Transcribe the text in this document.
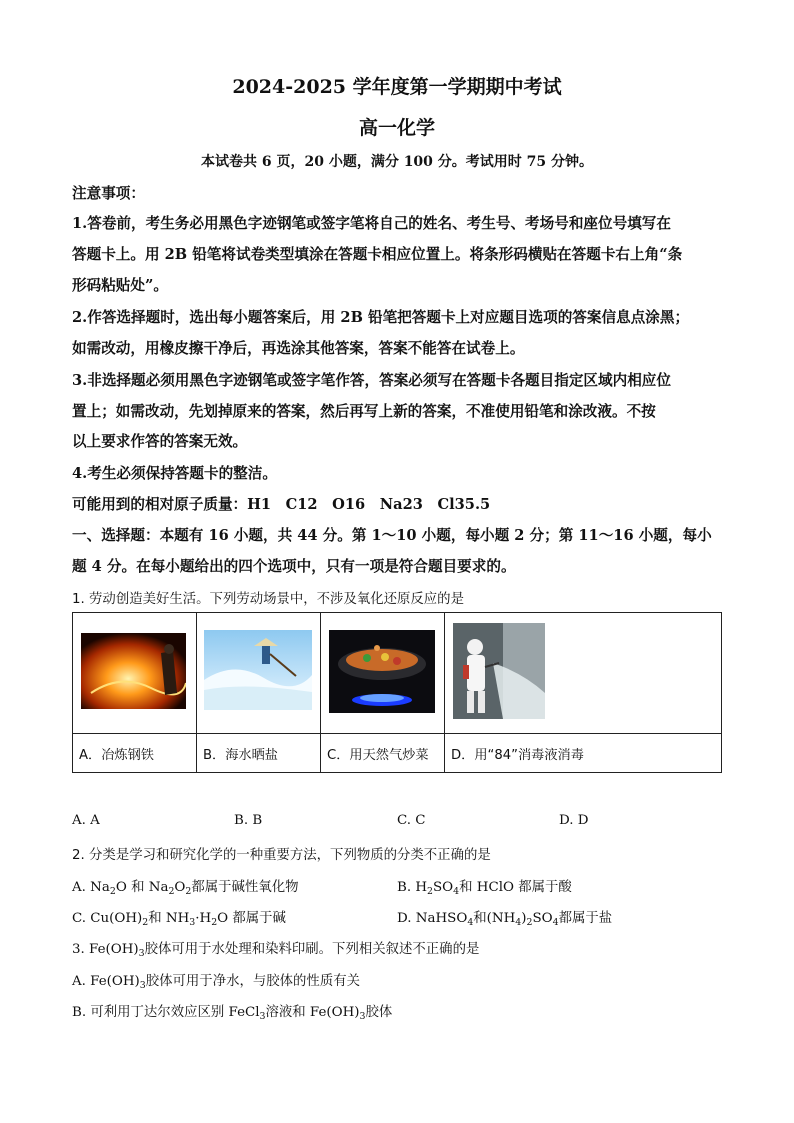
2024-2025 学年度第一学期期中考试
高一化学
本试卷共 6 页，20 小题，满分 100 分。考试用时 75 分钟。
注意事项：
1.答卷前，考生务必用黑色字迹钢笔或签字笔将自己的姓名、考生号、考场号和座位号填写在
答题卡上。用 2B 铅笔将试卷类型填涂在答题卡相应位置上。将条形码横贴在答题卡右上角“条
形码粘贴处”。
2.作答选择题时，选出每小题答案后，用 2B 铅笔把答题卡上对应题目选项的答案信息点涂黑；
如需改动，用橡皮擦干净后，再选涂其他答案，答案不能答在试卷上。
3.非选择题必须用黑色字迹钢笔或签字笔作答，答案必须写在答题卡各题目指定区域内相应位
置上；如需改动，先划掉原来的答案，然后再写上新的答案，不准使用铅笔和涂改液。不按
以上要求作答的答案无效。
4.考生必须保持答题卡的整洁。
可能用到的相对原子质量：H1　C12　O16　Na23　Cl35.5
一、选择题：本题有 16 小题，共 44 分。第 1～10 小题，每小题 2 分；第 11～16 小题，每小
题 4 分。在每小题给出的四个选项中，只有一项是符合题目要求的。
1. 劳动创造美好生活。下列劳动场景中，不涉及氧化还原反应的是

A．冶炼钢铁	B．海水晒盐	C．用天然气炒菜	D．用“84”消毒液消毒
A. A	B. B	C. C	D. D
2. 分类是学习和研究化学的一种重要方法，下列物质的分类不正确的是
A. $Na_2O$ 和 $Na_2O_2$都属于碱性氧化物	B. $H_2SO_4$和 HClO 都属于酸
C. $Cu(OH)_2$和 $NH_3\cdot H_2O$ 都属于碱	D. NaHSO$_4$和$(NH_4)_2SO_4$都属于盐
3. $Fe(OH)_3$胶体可用于水处理和染料印刷。下列相关叙述不正确的是
A. $Fe(OH)_3$胶体可用于净水，与胶体的性质有关
B. 可利用丁达尔效应区别 FeCl$_3$溶液和 $Fe(OH)_3$胶体
